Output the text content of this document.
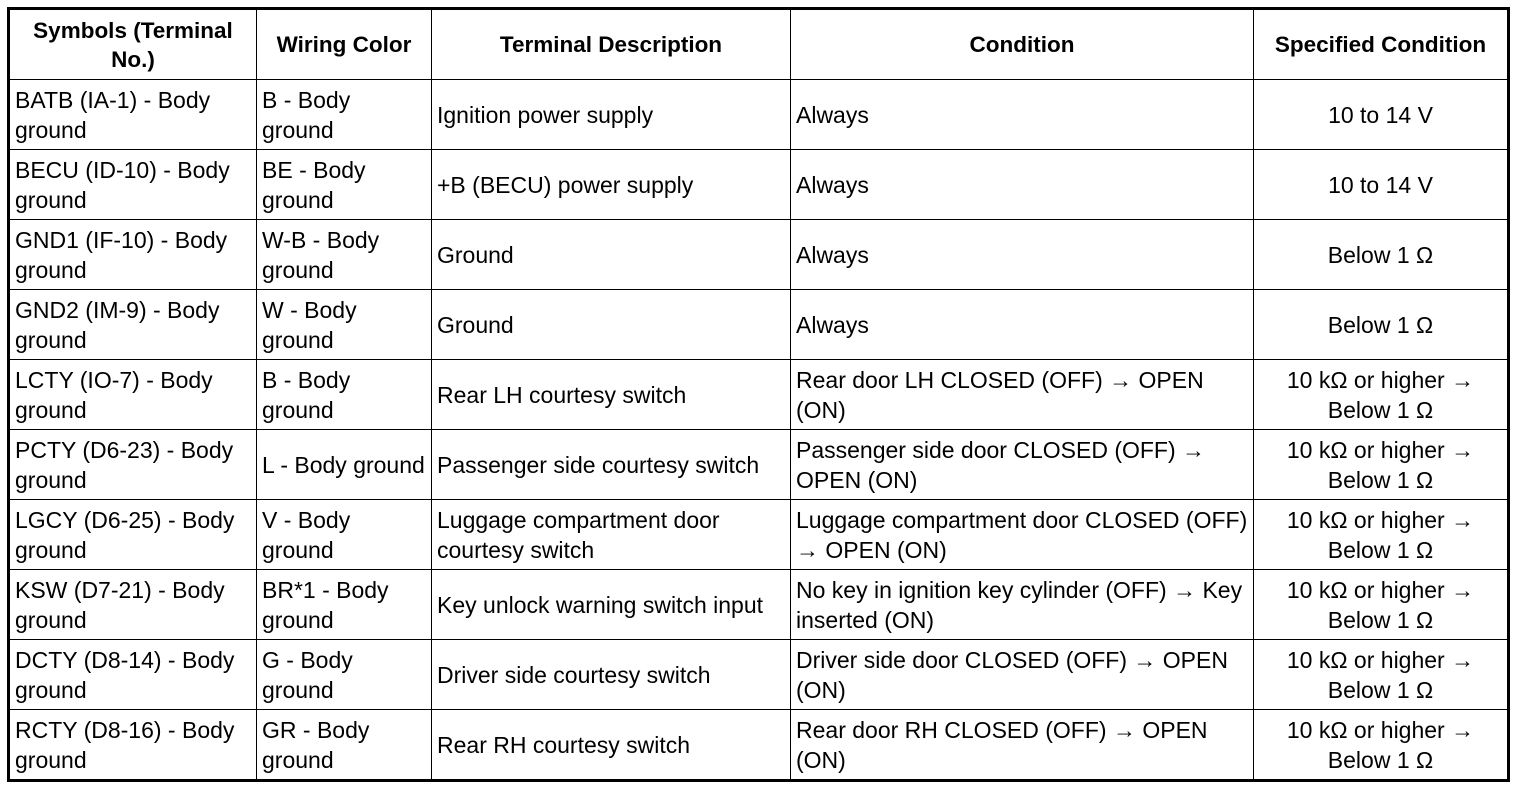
Symbols (Terminal No.)	Wiring Color	Terminal Description	Condition	Specified Condition
BATB (IA-1) - Body ground	B - Body ground	Ignition power supply	Always	10 to 14 V
BECU (ID-10) - Body ground	BE - Body ground	+B (BECU) power supply	Always	10 to 14 V
GND1 (IF-10) - Body ground	W-B - Body ground	Ground	Always	Below 1 Ω
GND2 (IM-9) - Body ground	W - Body ground	Ground	Always	Below 1 Ω
LCTY (IO-7) - Body ground	B - Body ground	Rear LH courtesy switch	Rear door LH CLOSED (OFF) → OPEN (ON)	10 kΩ or higher → Below 1 Ω
PCTY (D6-23) - Body ground	L - Body ground	Passenger side courtesy switch	Passenger side door CLOSED (OFF) → OPEN (ON)	10 kΩ or higher → Below 1 Ω
LGCY (D6-25) - Body ground	V - Body ground	Luggage compartment door courtesy switch	Luggage compartment door CLOSED (OFF) → OPEN (ON)	10 kΩ or higher → Below 1 Ω
KSW (D7-21) - Body ground	BR*1 - Body ground	Key unlock warning switch input	No key in ignition key cylinder (OFF) → Key inserted (ON)	10 kΩ or higher → Below 1 Ω
DCTY (D8-14) - Body ground	G - Body ground	Driver side courtesy switch	Driver side door CLOSED (OFF) → OPEN (ON)	10 kΩ or higher → Below 1 Ω
RCTY (D8-16) - Body ground	GR - Body ground	Rear RH courtesy switch	Rear door RH CLOSED (OFF) → OPEN (ON)	10 kΩ or higher → Below 1 Ω
